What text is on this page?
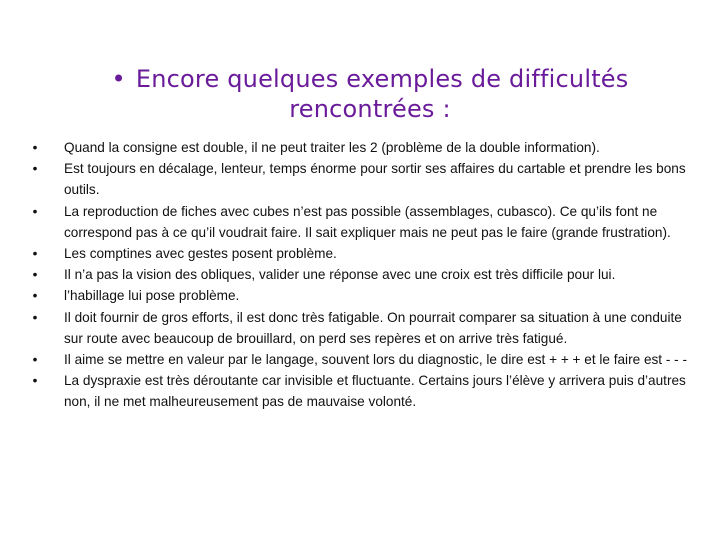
• Encore quelques exemples de difficultés rencontrées :
• Quand la consigne est double, il ne peut traiter les 2 (problème de la double information).
• Est toujours en décalage, lenteur, temps énorme pour sortir ses affaires du cartable et prendre les bons outils.
• La reproduction de fiches avec cubes n’est pas possible (assemblages, cubasco). Ce qu’ils font ne correspond pas à ce qu’il voudrait faire. Il sait expliquer mais ne peut pas le faire (grande frustration).
• Les comptines avec gestes posent problème.
• Il n’a pas la vision des obliques, valider une réponse avec une croix est très difficile pour lui.
• l’habillage lui pose problème.
• Il doit fournir de gros efforts, il est donc très fatigable. On pourrait comparer sa situation à une conduite sur route avec beaucoup de brouillard, on perd ses repères et on arrive très fatigué.
• Il aime se mettre en valeur par le langage, souvent lors du diagnostic, le dire est + + + et le faire est - - -
• La dyspraxie est très déroutante car invisible et fluctuante. Certains jours l’élève y arrivera puis d’autres non, il ne met malheureusement pas de mauvaise volonté.
